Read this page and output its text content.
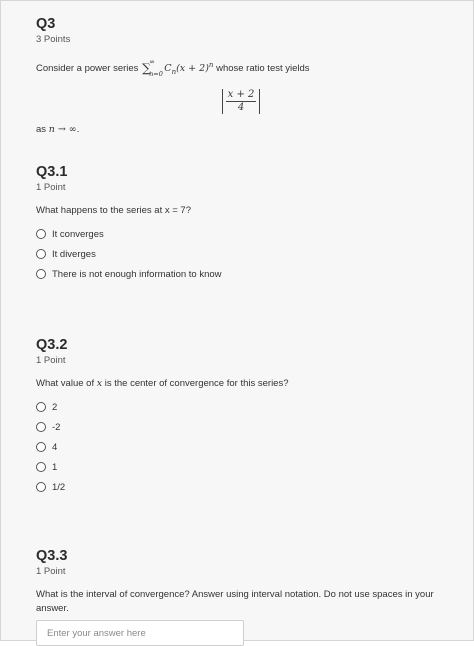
Q3
3 Points
Consider a power series ∑
∞
n=0 $C_n(x + 2)^n$ whose ratio test yields
$\frac{x + 2}{4}$
as n → ∞.
Q3.1
1 Point
What happens to the series at x = 7?
It converges
It diverges
There is not enough information to know
Q3.2
1 Point
What value of x is the center of convergence for this series?
2
-2
4
1
1/2
Q3.3
1 Point
What is the interval of convergence? Answer using interval notation. Do not use spaces in your answer.
Enter your answer here
